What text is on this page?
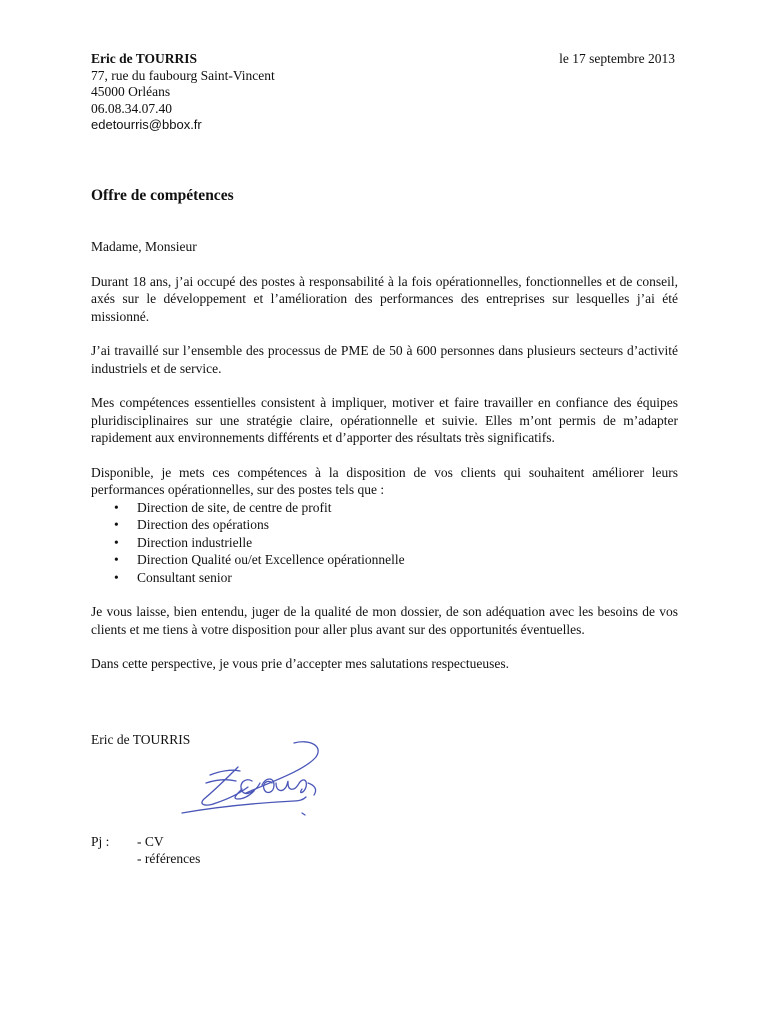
Eric de TOURRIS
77, rue du faubourg Saint-Vincent
45000 Orléans
06.08.34.07.40
edetourris@bbox.fr
le 17 septembre 2013
Offre de compétences

Madame, Monsieur

Durant 18 ans, j’ai occupé des postes à responsabilité à la fois opérationnelles, fonctionnelles et de conseil, axés sur le développement et l’amélioration des performances des entreprises sur lesquelles j’ai été missionné.

J’ai travaillé sur l’ensemble des processus de PME de 50 à 600 personnes dans plusieurs secteurs d’activité industriels et de service.

Mes compétences essentielles consistent à impliquer, motiver et faire travailler en confiance des équipes pluridisciplinaires sur une stratégie claire, opérationnelle et suivie. Elles m’ont permis de m’adapter rapidement aux environnements différents et d’apporter des résultats très significatifs.

Disponible, je mets ces compétences à la disposition de vos clients qui souhaitent améliorer leurs performances opérationnelles, sur des postes tels que :

• Direction de site, de centre de profit
• Direction des opérations
• Direction industrielle
• Direction Qualité ou/et Excellence opérationnelle
• Consultant senior

Je vous laisse, bien entendu, juger de la qualité de mon dossier, de son adéquation avec les besoins de vos clients et me tiens à votre disposition pour aller plus avant sur des opportunités éventuelles.

Dans cette perspective, je vous prie d’accepter mes salutations respectueuses.

Eric de TOURRIS
Pj :	- CV
- références
